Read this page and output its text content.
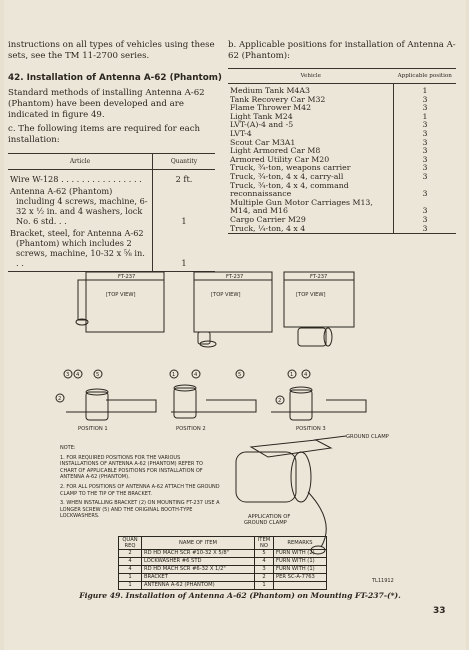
instructions on all types of vehicles using these sets, see the TM 11-2700 series.
42. Installation of Antenna A-62 (Phantom)
Standard methods of installing Antenna A-62 (Phantom) have been developed and are indicated in figure 49.
c. The following items are required for each installation:
Article	Quantity
Wire W-128 . . . . . . . . . . . . . . . .	2 ft.
Antenna A-62 (Phantom) including 4 screws, machine, 6-32 x ½ in. and 4 washers, lock No. 6 std. . .	1
Bracket, steel, for Antenna A-62 (Phantom) which includes 2 screws, machine, 10-32 x ⅝ in. . .	1
b. Applicable positions for installation of Antenna A-62 (Phantom):
Vehicle	Applicable position
Medium Tank M4A3	1
Tank Recovery Car M32	3
Flame Thrower M42	3
Light Tank M24	1
LVT-(A)-4 and -5	3
LVT-4	3
Scout Car M3A1	3
Light Armored Car M8	3
Armored Utility Car M20	3
Truck, ¾-ton, weapons carrier	3
Truck, ¾-ton, 4 x 4, carry-all	3
Truck, ¾-ton, 4 x 4, command reconnaissance	3
Multiple Gun Motor Carriages M13, M14, and M16	3
Cargo Carrier M29	3
Truck, ¼-ton, 4 x 4	3
FT-237
[TOP VIEW]
FT-237
[TOP VIEW]
FT-237
[TOP VIEW]
POSITION 1	POSITION 2	POSITION 3
3 4	5
2
1	4	5	1
2
4
GROUND CLAMP
APPLICATION OF
GROUND CLAMP

NOTE:

1. FOR REQUIRED POSITIONS FOR THE VARIOUS INSTALLATIONS OF ANTENNA A-62 (PHANTOM) REFER TO CHART OF APPLICABLE POSITIONS FOR INSTALLATION OF ANTENNA A-62 (PHANTOM).

2. FOR ALL POSITIONS OF ANTENNA A-62 ATTACH THE GROUND CLAMP TO THE TIP OF THE BRACKET.

3. WHEN INSTALLING BRACKET (2) ON MOUNTING FT-237 USE A LONGER SCREW (5) AND THE ORIGINAL BOOTH-TYPE LOCKWASHERS.

QUAN REQ	NAME OF ITEM	ITEM NO	REMARKS
2	RD HD MACH SCR #10-32 X 5/8"	5	FURN WITH (2)
4	LOCKWASHER #6 STD	4	FURN WITH (1)
4	RD HD MACH SCR #6-32 X 1/2"	3	FURN WITH (1)
1	BRACKET	2	PER SC-A-7763
1	ANTENNA A-62 (PHANTOM)	1	
TL11912
Figure 49. Installation of Antenna A-62 (Phantom) on Mounting FT-237-(*).
33
